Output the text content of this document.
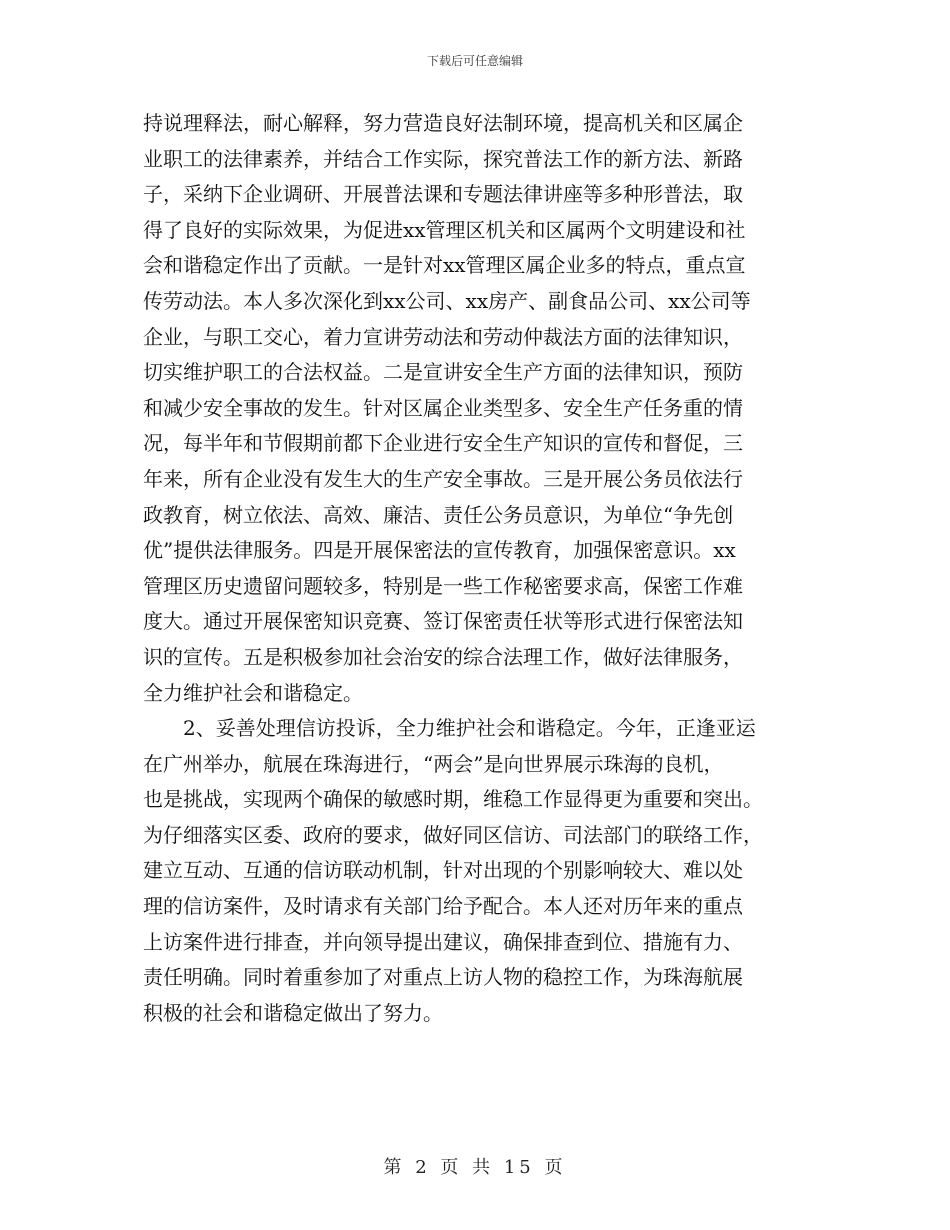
下载后可任意编辑

持说理释法，耐心解释，努力营造良好法制环境，提高机关和区属企
业职工的法律素养，并结合工作实际，探究普法工作的新方法、新路
子，采纳下企业调研、开展普法课和专题法律讲座等多种形普法，取
得了良好的实际效果，为促进xx管理区机关和区属两个文明建设和社
会和谐稳定作出了贡献。一是针对xx管理区属企业多的特点，重点宣
传劳动法。本人多次深化到xx公司、xx房产、副食品公司、xx公司等
企业，与职工交心，着力宣讲劳动法和劳动仲裁法方面的法律知识，
切实维护职工的合法权益。二是宣讲安全生产方面的法律知识，预防
和减少安全事故的发生。针对区属企业类型多、安全生产任务重的情
况，每半年和节假期前都下企业进行安全生产知识的宣传和督促，三
年来，所有企业没有发生大的生产安全事故。三是开展公务员依法行
政教育，树立依法、高效、廉洁、责任公务员意识，为单位“争先创
优”提供法律服务。四是开展保密法的宣传教育，加强保密意识。xx
管理区历史遗留问题较多，特别是一些工作秘密要求高，保密工作难
度大。通过开展保密知识竞赛、签订保密责任状等形式进行保密法知
识的宣传。五是积极参加社会治安的综合法理工作，做好法律服务，
全力维护社会和谐稳定。

2、妥善处理信访投诉，全力维护社会和谐稳定。今年，正逢亚运
在广州举办，航展在珠海进行，“两会”是向世界展示珠海的良机，
也是挑战，实现两个确保的敏感时期，维稳工作显得更为重要和突出。
为仔细落实区委、政府的要求，做好同区信访、司法部门的联络工作，
建立互动、互通的信访联动机制，针对出现的个别影响较大、难以处
理的信访案件，及时请求有关部门给予配合。本人还对历年来的重点
上访案件进行排查，并向领导提出建议，确保排查到位、措施有力、
责任明确。同时着重参加了对重点上访人物的稳控工作，为珠海航展
积极的社会和谐稳定做出了努力。

第 2 页 共 15 页
